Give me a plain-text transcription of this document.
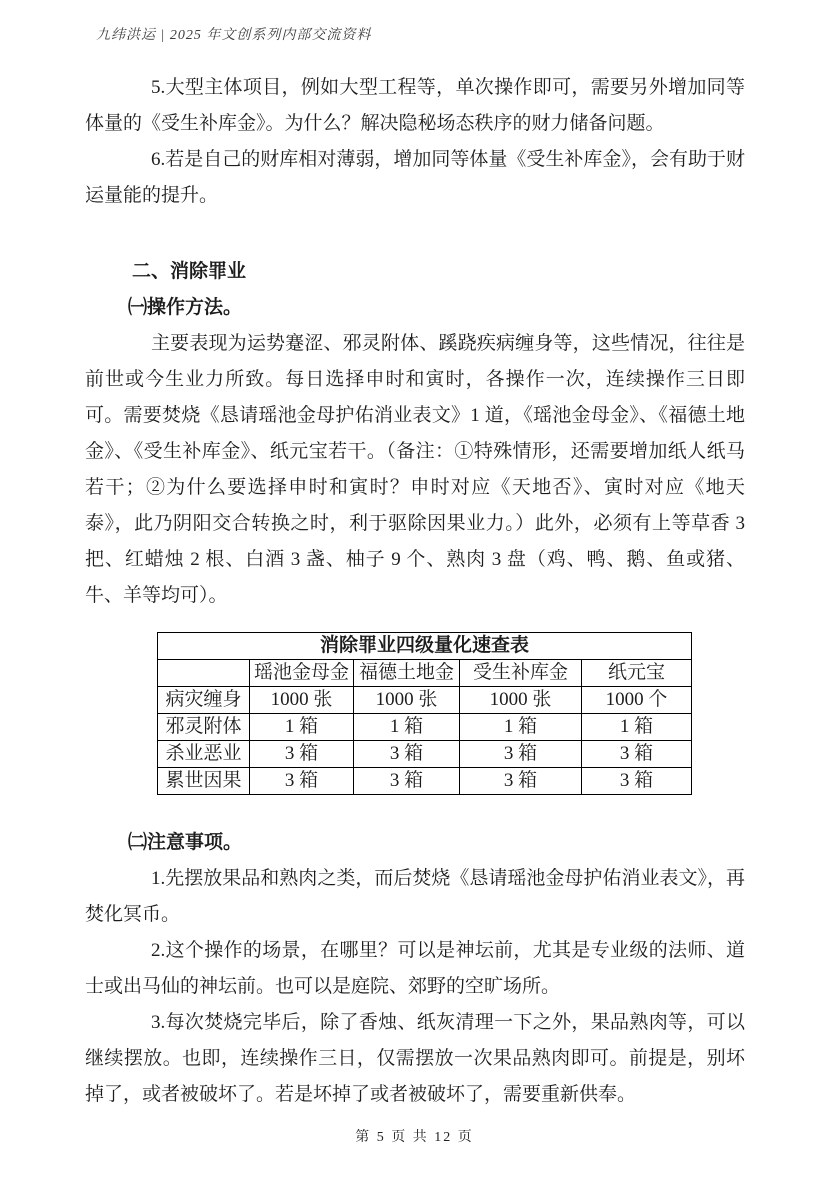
九纬洪运 | 2025 年文创系列内部交流资料

5.大型主体项目，例如大型工程等，单次操作即可，需要另外增加同等体量的《受生补库金》。为什么？解决隐秘场态秩序的财力储备问题。

6.若是自己的财库相对薄弱，增加同等体量《受生补库金》，会有助于财运量能的提升。

二、消除罪业

㈠操作方法。

主要表现为运势蹇涩、邪灵附体、蹊跷疾病缠身等，这些情况，往往是前世或今生业力所致。每日选择申时和寅时，各操作一次，连续操作三日即可。需要焚烧《恳请瑶池金母护佑消业表文》1 道，《瑶池金母金》、《福德土地金》、《受生补库金》、纸元宝若干。（备注：①特殊情形，还需要增加纸人纸马若干；②为什么要选择申时和寅时？申时对应《天地否》、寅时对应《地天泰》，此乃阴阳交合转换之时，利于驱除因果业力。）此外，必须有上等草香 3 把、红蜡烛 2 根、白酒 3 盏、柚子 9 个、熟肉 3 盘（鸡、鸭、鹅、鱼或猪、牛、羊等均可）。

消除罪业四级量化速查表				
	瑶池金母金	福德土地金	受生补库金	纸元宝
病灾缠身	1000 张	1000 张	1000 张	1000 个
邪灵附体	1 箱	1 箱	1 箱	1 箱
杀业恶业	3 箱	3 箱	3 箱	3 箱
累世因果	3 箱	3 箱	3 箱	3 箱

㈡注意事项。

1.先摆放果品和熟肉之类，而后焚烧《恳请瑶池金母护佑消业表文》，再焚化冥币。

2.这个操作的场景，在哪里？可以是神坛前，尤其是专业级的法师、道士或出马仙的神坛前。也可以是庭院、郊野的空旷场所。

3.每次焚烧完毕后，除了香烛、纸灰清理一下之外，果品熟肉等，可以继续摆放。也即，连续操作三日，仅需摆放一次果品熟肉即可。前提是，别坏掉了，或者被破坏了。若是坏掉了或者被破坏了，需要重新供奉。

第 5 页 共 12 页
